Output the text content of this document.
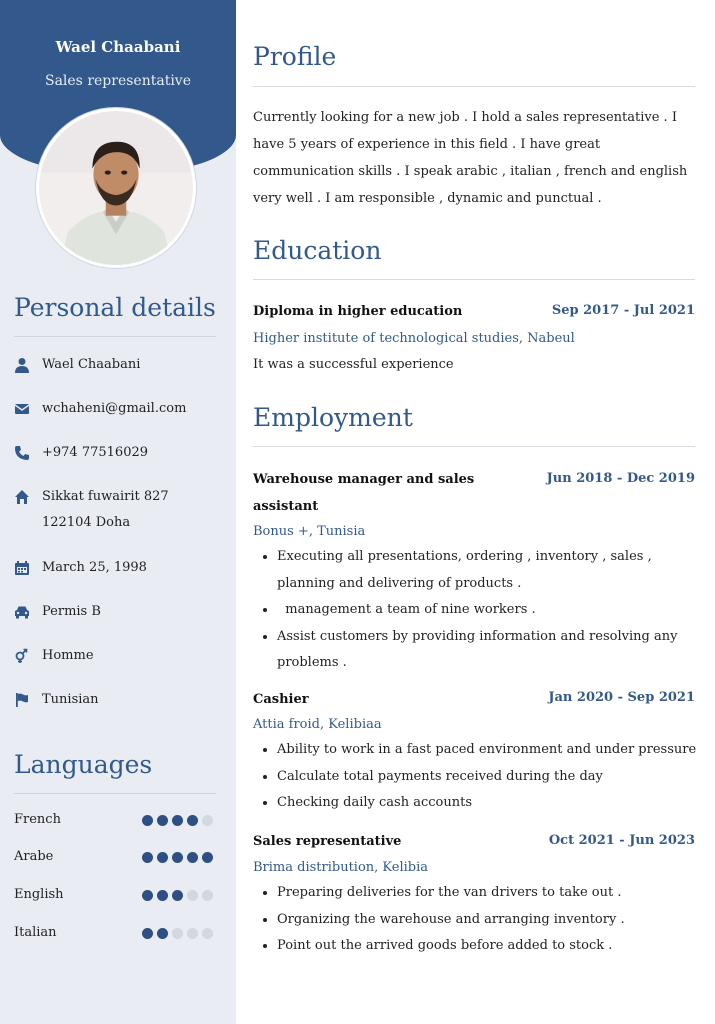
Wael Chaabani
Sales representative
Personal details
Wael Chaabani
wchaheni@gmail.com
+974 77516029
Sikkat fuwairit 827
122104 Doha
March 25, 1998
Permis B
Homme
Tunisian
Languages
French
Arabe
English
Italian
Profile
Currently looking for a new job . I hold a sales representative . I have 5 years of experience in this field . I have great communication skills . I speak arabic , italian , french and english very well . I am responsible , dynamic and punctual .
Education
Diploma in higher education	Sep 2017 - Jul 2021
Higher institute of technological studies, Nabeul
It was a successful experience
Employment
Warehouse manager and sales
assistant
Jun 2018 - Dec 2019
Bonus +, Tunisia
• Executing all presentations, ordering , inventory , sales , planning and delivering of products .
•   management a team of nine workers .
• Assist customers by providing information and resolving any problems .
Cashier	Jan 2020 - Sep 2021
Attia froid, Kelibiaa
• Ability to work in a fast paced environment and under pressure
• Calculate total payments received during the day
• Checking daily cash accounts
Sales representative	Oct 2021 - Jun 2023
Brima distribution, Kelibia
• Preparing deliveries for the van drivers to take out .
• Organizing the warehouse and arranging inventory .
• Point out the arrived goods before added to stock .
